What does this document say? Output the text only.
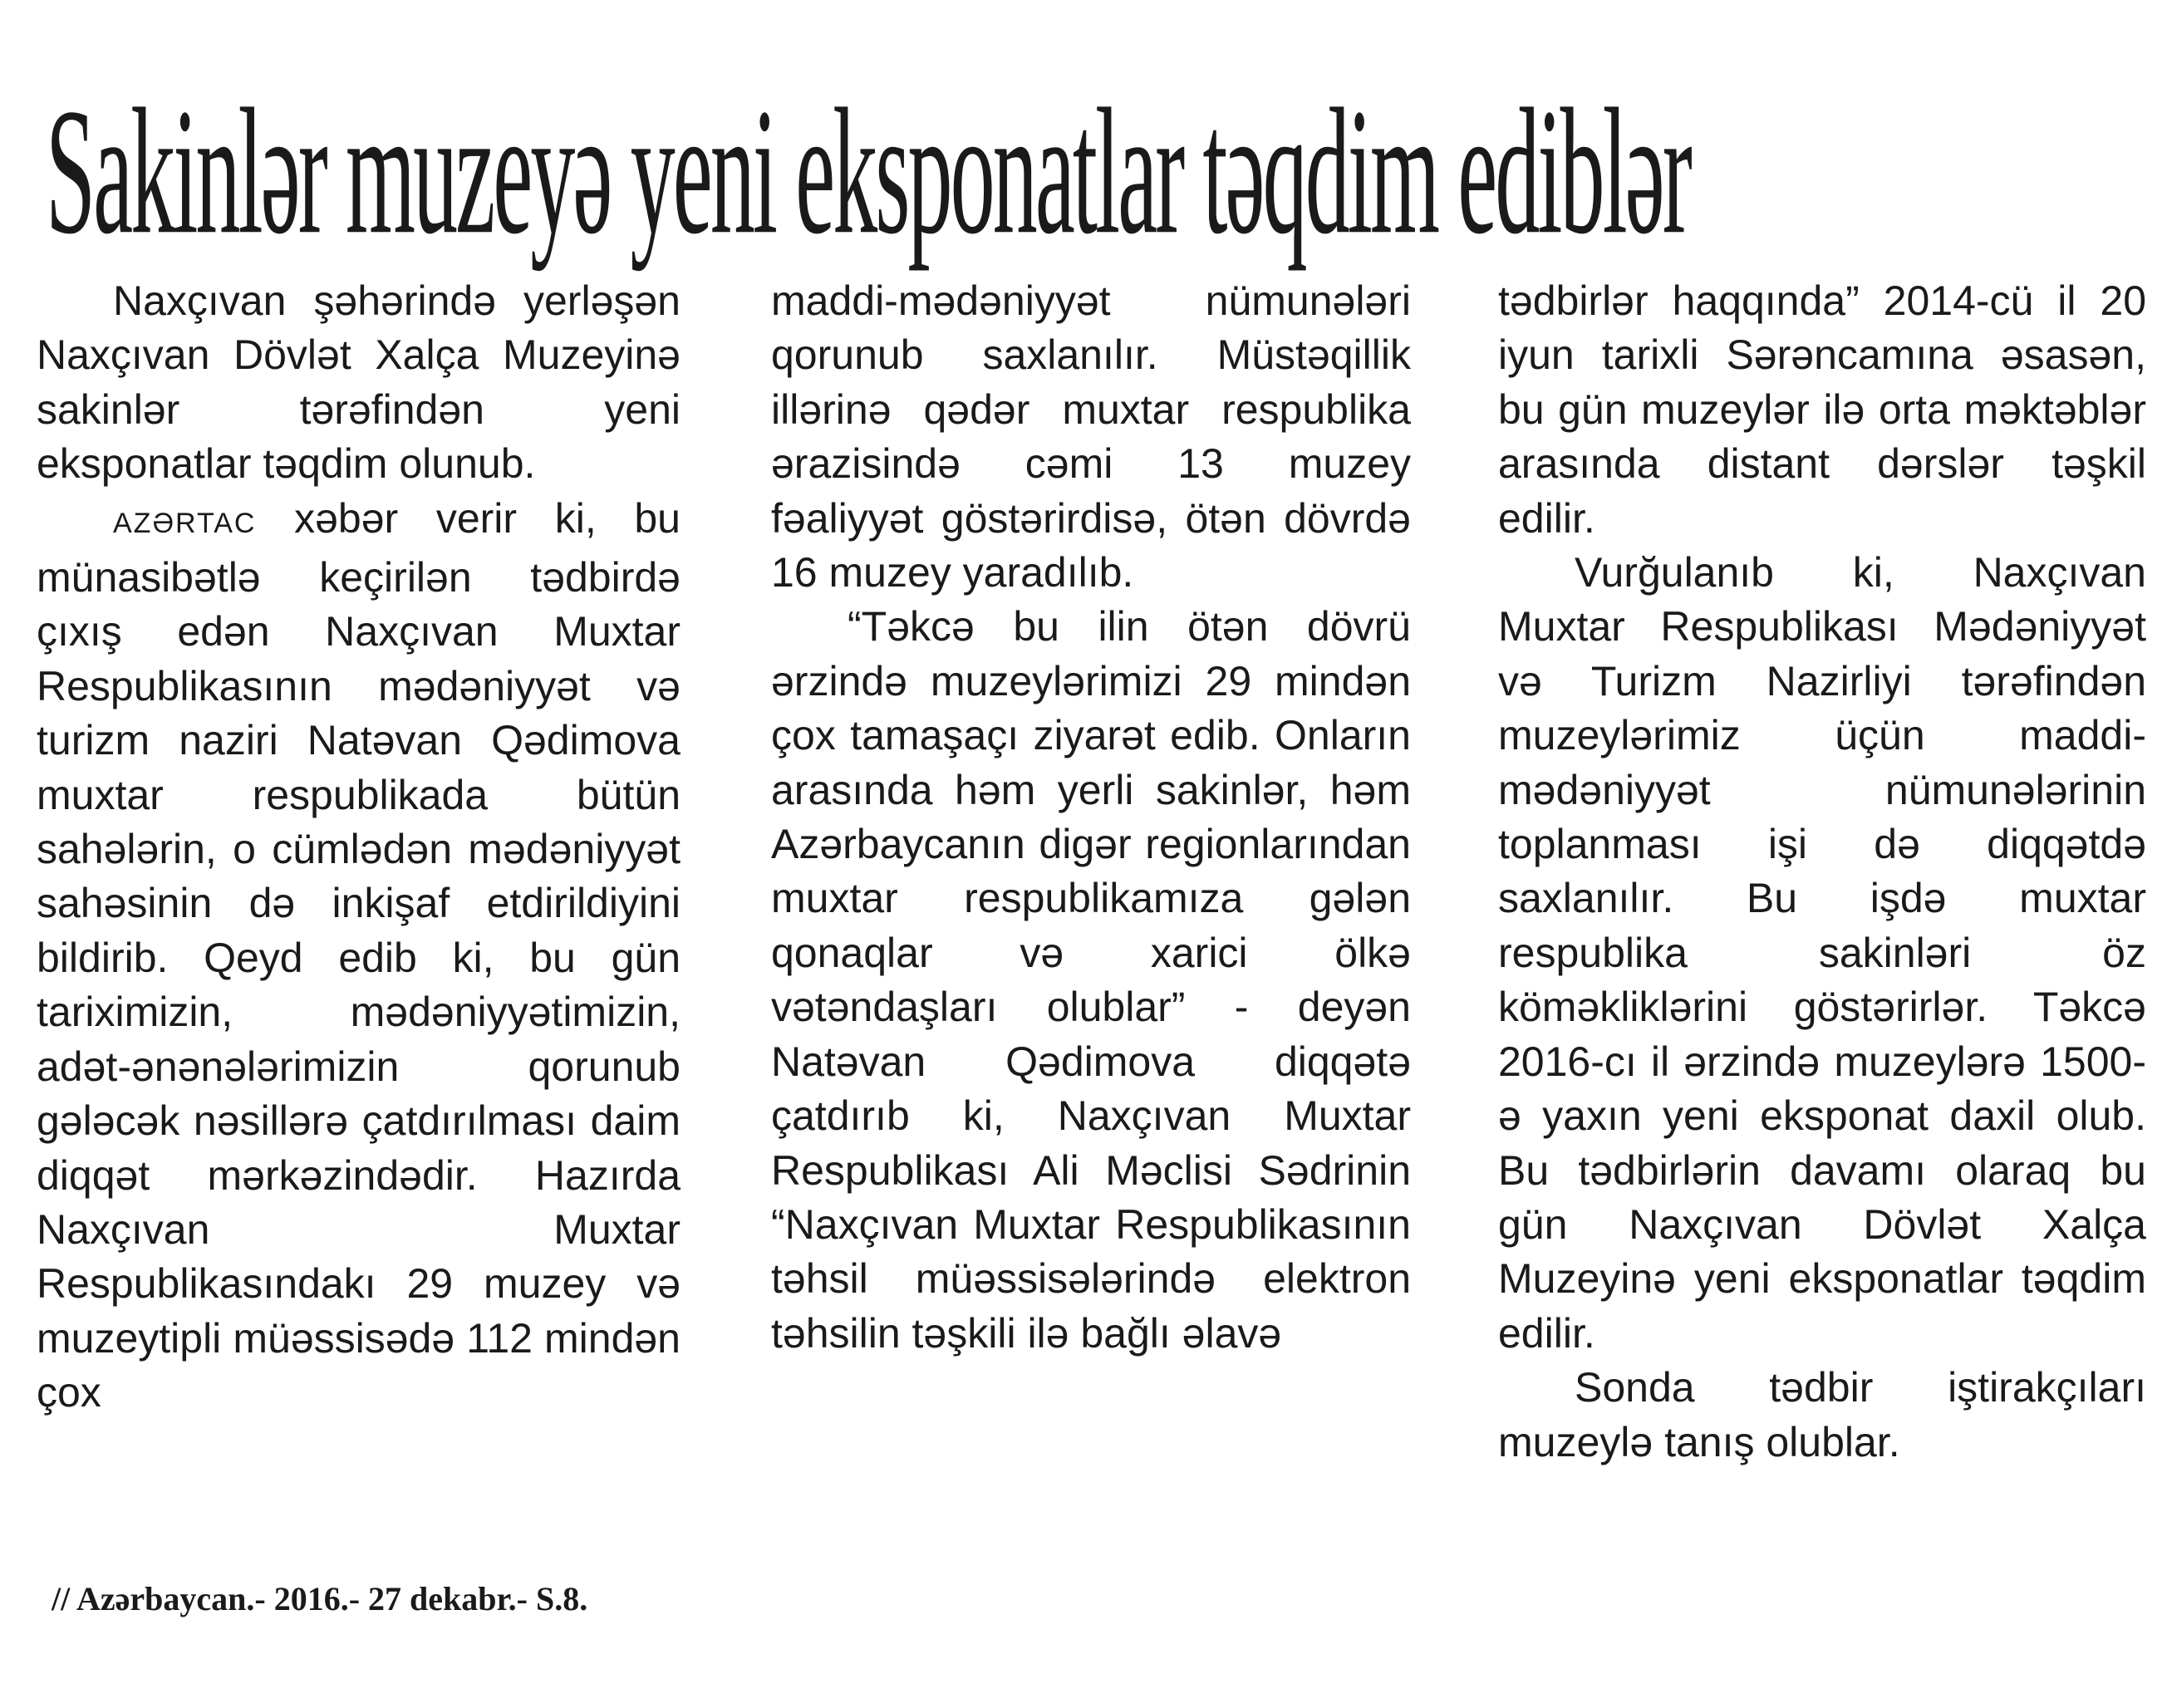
Sakinlər muzeyə yeni eksponatlar təqdim ediblər

Naxçıvan şəhərində yerləşən Naxçıvan Dövlət Xalça Muzeyinə sakinlər tərəfindən yeni eksponatlar təqdim olunub.

AZƏRTAC xəbər verir ki, bu münasibətlə keçirilən tədbirdə çıxış edən Naxçıvan Muxtar Respublikasının mədəniyyət və turizm naziri Natəvan Qədimova muxtar respublikada bütün sahələrin, o cümlədən mədəniyyət sahəsinin də inkişaf etdirildiyini bildirib. Qeyd edib ki, bu gün tariximizin, mədəniyyətimizin, adət-ənənələrimizin qorunub gələcək nəsillərə çatdırılması daim diqqət mərkəzindədir. Hazırda Naxçıvan Muxtar Respublikasındakı 29 muzey və muzeytipli müəssisədə 112 mindən çox

maddi-mədəniyyət nümunələri qorunub saxlanılır. Müstəqillik illərinə qədər muxtar respublika ərazisində cəmi 13 muzey fəaliyyət göstərirdisə, ötən dövrdə 16 muzey yaradılıb.

“Təkcə bu ilin ötən dövrü ərzində muzeylərimizi 29 mindən çox tamaşaçı ziyarət edib. Onların arasında həm yerli sakinlər, həm Azərbaycanın digər regionlarından muxtar respublikamıza gələn qonaqlar və xarici ölkə vətəndaşları olublar” - deyən Natəvan Qədimova diqqətə çatdırıb ki, Naxçıvan Muxtar Respublikası Ali Məclisi Sədrinin “Naxçıvan Muxtar Respublikasının təhsil müəssisələrində elektron təhsilin təşkili ilə bağlı əlavə

tədbirlər haqqında” 2014-cü il 20 iyun tarixli Sərəncamına əsasən, bu gün muzeylər ilə orta məktəblər arasında distant dərslər təşkil edilir.

Vurğulanıb ki, Naxçıvan Muxtar Respublikası Mədəniyyət və Turizm Nazirliyi tərəfindən muzeylərimiz üçün maddi-mədəniyyət nümunələrinin toplanması işi də diqqətdə saxlanılır. Bu işdə muxtar respublika sakinləri öz köməkliklərini göstərirlər. Təkcə 2016-cı il ərzində muzeylərə 1500-ə yaxın yeni eksponat daxil olub. Bu tədbirlərin davamı olaraq bu gün Naxçıvan Dövlət Xalça Muzeyinə yeni eksponatlar təqdim edilir.

Sonda tədbir iştirakçıları muzeylə tanış olublar.

// Azərbaycan.- 2016.- 27 dekabr.- S.8.
